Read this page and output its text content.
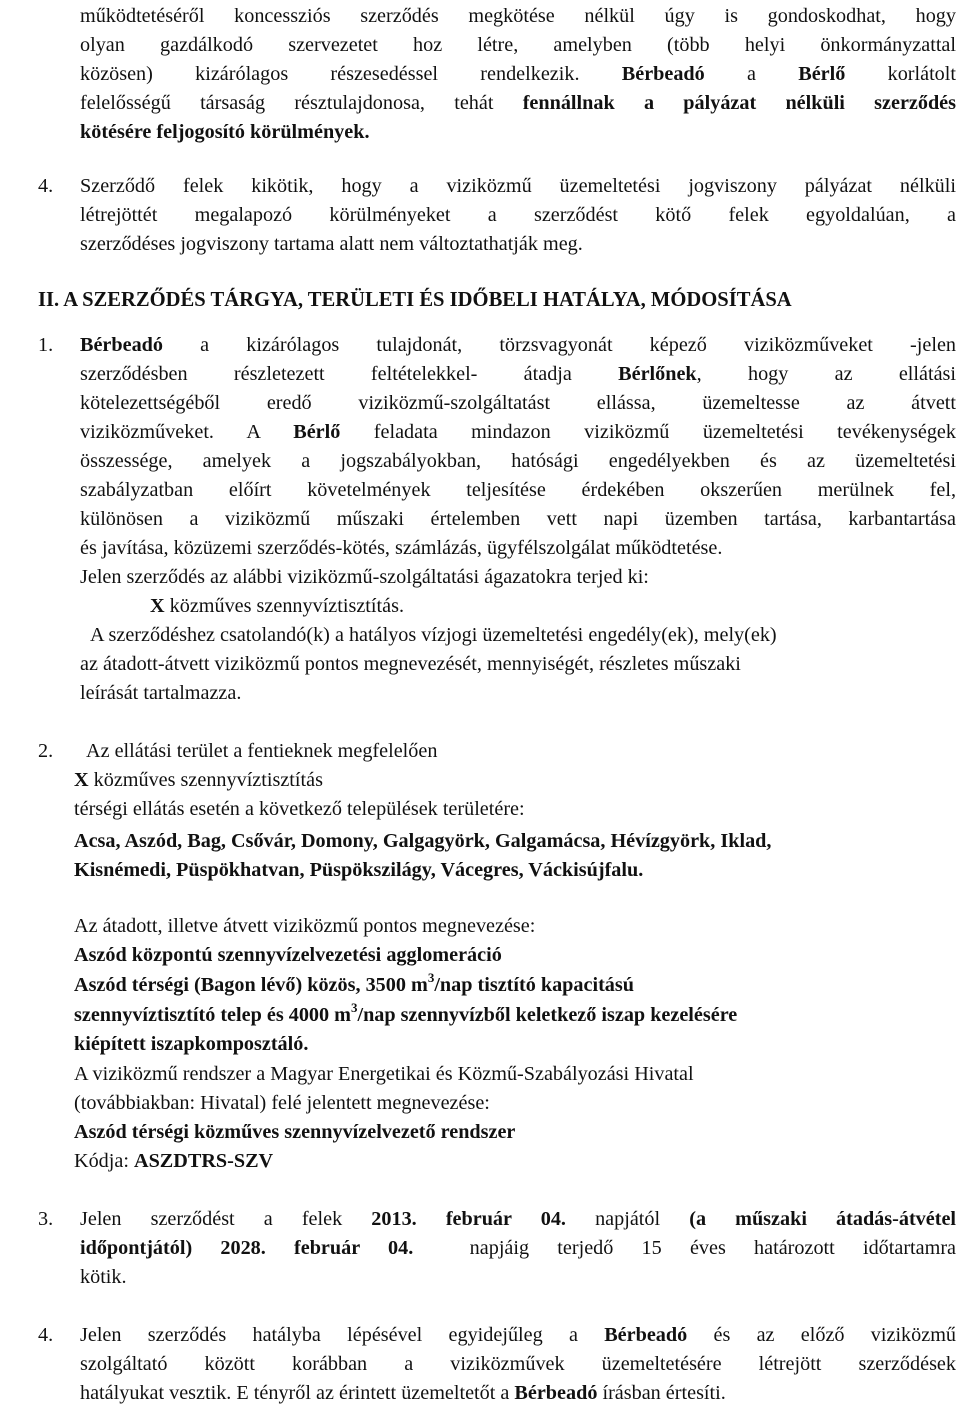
működtetéséről koncessziós szerződés megkötése nélkül úgy is gondoskodhat, hogy
olyan gazdálkodó szervezetet hoz létre, amelyben (több helyi önkormányzattal
közösen) kizárólagos részesedéssel rendelkezik. Bérbeadó a Bérlő korlátolt
felelősségű társaság résztulajdonosa, tehát fennállnak a pályázat nélküli szerződés
kötésére feljogosító körülmények.
4. Szerződő felek kikötik, hogy a viziközmű üzemeltetési jogviszony pályázat nélküli
létrejöttét megalapozó körülményeket a szerződést kötő felek egyoldalúan, a
szerződéses jogviszony tartama alatt nem változtathatják meg.
II. A SZERZŐDÉS TÁRGYA, TERÜLETI ÉS IDŐBELI HATÁLYA, MÓDOSÍTÁSA
1. Bérbeadó a kizárólagos tulajdonát, törzsvagyonát képező viziközműveket -jelen
szerződésben részletezett feltételekkel- átadja Bérlőnek, hogy az ellátási
kötelezettségéből eredő viziközmű-szolgáltatást ellássa, üzemeltesse az átvett
viziközműveket. A Bérlő feladata mindazon viziközmű üzemeltetési tevékenységek
összessége, amelyek a jogszabályokban, hatósági engedélyekben és az üzemeltetési
szabályzatban előírt követelmények teljesítése érdekében okszerűen merülnek fel,
különösen a viziközmű műszaki értelemben vett napi üzemben tartása, karbantartása
és javítása, közüzemi szerződés-kötés, számlázás, ügyfélszolgálat működtetése.
Jelen szerződés az alábbi viziközmű-szolgáltatási ágazatokra terjed ki:
X közműves szennyvíztisztítás.
A szerződéshez csatolandó(k) a hatályos vízjogi üzemeltetési engedély(ek), mely(ek)
az átadott-átvett viziközmű pontos megnevezését, mennyiségét, részletes műszaki
leírását tartalmazza.
2. Az ellátási terület a fentieknek megfelelően
X közműves szennyvíztisztítás
térségi ellátás esetén a következő települések területére:
Acsa, Aszód, Bag, Csővár, Domony, Galgagyörk, Galgamácsa, Hévízgyörk, Iklad,
Kisnémedi, Püspökhatvan, Püspökszilágy, Vácegres, Váckisújfalu.
Az átadott, illetve átvett viziközmű pontos megnevezése:
Aszód központú szennyvízelvezetési agglomeráció
Aszód térségi (Bagon lévő) közös, 3500 $m^3$/nap tisztító kapacitású
szennyvíztisztító telep és 4000 $m^3$/nap szennyvízből keletkező iszap kezelésére
kiépített iszapkomposztáló.
A viziközmű rendszer a Magyar Energetikai és Közmű-Szabályozási Hivatal
(továbbiakban: Hivatal) felé jelentett megnevezése:
Aszód térségi közműves szennyvízelvezető rendszer
Kódja: ASZDTRS-SZV
3. Jelen szerződést a felek 2013. február 04. napjától (a műszaki átadás-átvétel
időpontjától) 2028. február 04.  napjáig terjedő 15 éves határozott időtartamra
kötik.
4. Jelen szerződés hatályba lépésével egyidejűleg a Bérbeadó és az előző viziközmű
szolgáltató között korábban a viziközművek üzemeltetésére létrejött szerződések
hatályukat vesztik. E tényről az érintett üzemeltetőt a Bérbeadó írásban értesíti.
